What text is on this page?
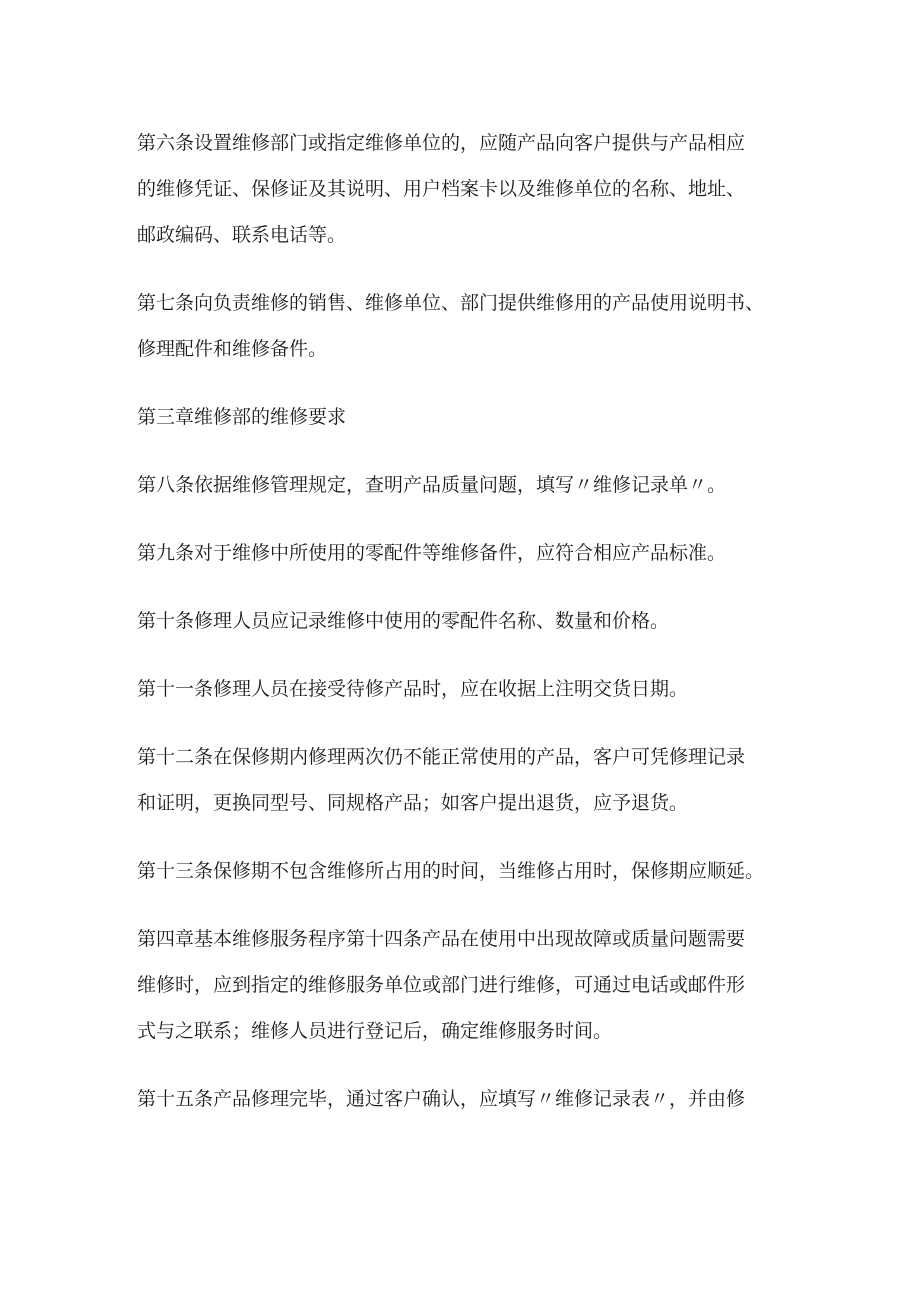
第六条设置维修部门或指定维修单位的，应随产品向客户提供与产品相应
的维修凭证、保修证及其说明、用户档案卡以及维修单位的名称、地址、
邮政编码、联系电话等。

第七条向负责维修的销售、维修单位、部门提供维修用的产品使用说明书、
修理配件和维修备件。

第三章维修部的维修要求

第八条依据维修管理规定，查明产品质量问题，填写〃维修记录单〃。

第九条对于维修中所使用的零配件等维修备件，应符合相应产品标准。

第十条修理人员应记录维修中使用的零配件名称、数量和价格。

第十一条修理人员在接受待修产品时，应在收据上注明交货日期。

第十二条在保修期内修理两次仍不能正常使用的产品，客户可凭修理记录
和证明，更换同型号、同规格产品；如客户提出退货，应予退货。

第十三条保修期不包含维修所占用的时间，当维修占用时，保修期应顺延。

第四章基本维修服务程序第十四条产品在使用中出现故障或质量问题需要
维修时，应到指定的维修服务单位或部门进行维修，可通过电话或邮件形
式与之联系；维修人员进行登记后，确定维修服务时间。

第十五条产品修理完毕，通过客户确认，应填写〃维修记录表〃，并由修
